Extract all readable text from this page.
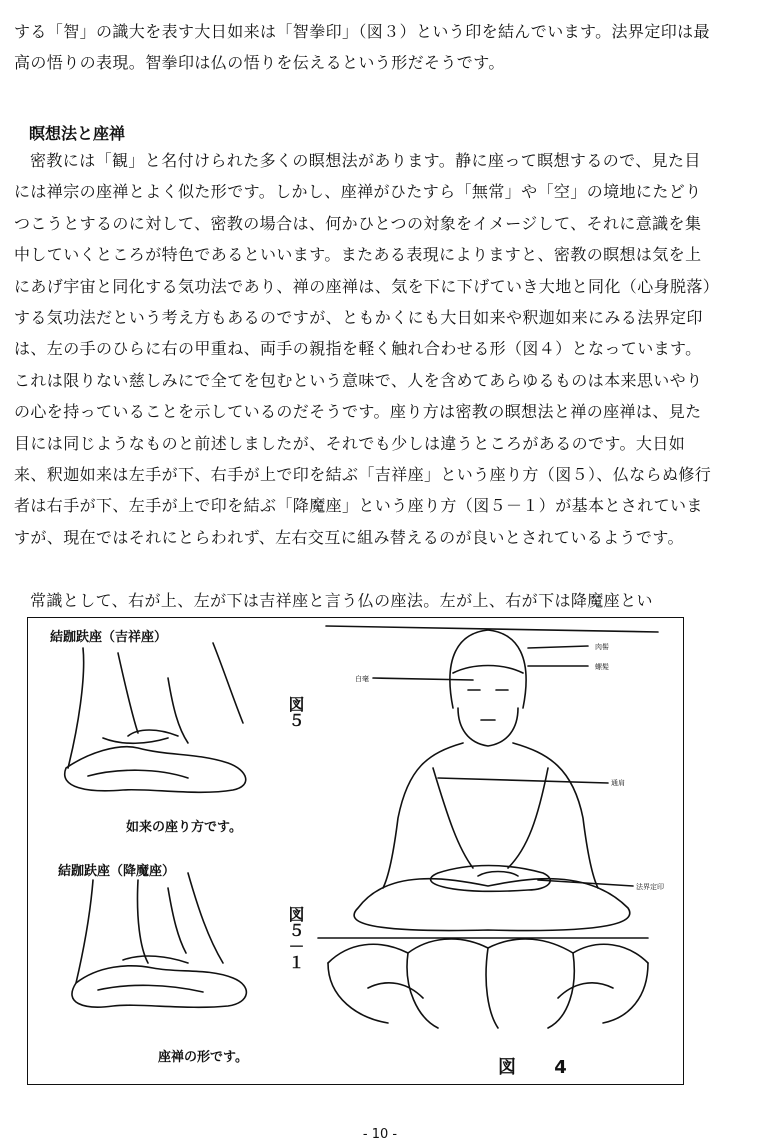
する「智」の識大を表す大日如来は「智拳印」（図３）という印を結んでいます。法界定印は最高の悟りの表現。智拳印は仏の悟りを伝えるという形だそうです。

瞑想法と座禅

密教には「観」と名付けられた多くの瞑想法があります。静に座って瞑想するので、見た目には禅宗の座禅とよく似た形です。しかし、座禅がひたすら「無常」や「空」の境地にたどりつこうとするのに対して、密教の場合は、何かひとつの対象をイメージして、それに意識を集中していくところが特色であるといいます。またある表現によりますと、密教の瞑想は気を上にあげ宇宙と同化する気功法であり、禅の座禅は、気を下に下げていき大地と同化（心身脱落）する気功法だという考え方もあるのですが、ともかくにも大日如来や釈迦如来にみる法界定印は、左の手のひらに右の甲重ね、両手の親指を軽く触れ合わせる形（図４）となっています。これは限りない慈しみにで全てを包むという意味で、人を含めてあらゆるものは本来思いやりの心を持っていることを示しているのだそうです。座り方は密教の瞑想法と禅の座禅は、見た目には同じようなものと前述しましたが、それでも少しは違うところがあるのです。大日如来、釈迦如来は左手が下、右手が上で印を結ぶ「吉祥座」という座り方（図５）、仏ならぬ修行者は右手が下、左手が上で印を結ぶ「降魔座」という座り方（図５－１）が基本とされていますが、現在ではそれにとらわれず、左右交互に組み替えるのが良いとされているようです。

常識として、右が上、左が下は吉祥座と言う仏の座法。左が上、右が下は降魔座とい

結跏趺座（吉祥座）
如来の座り方です。
図５
結跏趺座（降魔座）
座禅の形です。
図５－１
図 4
肉髻
螺髪
白毫
通肩
法界定印
- 10 -
